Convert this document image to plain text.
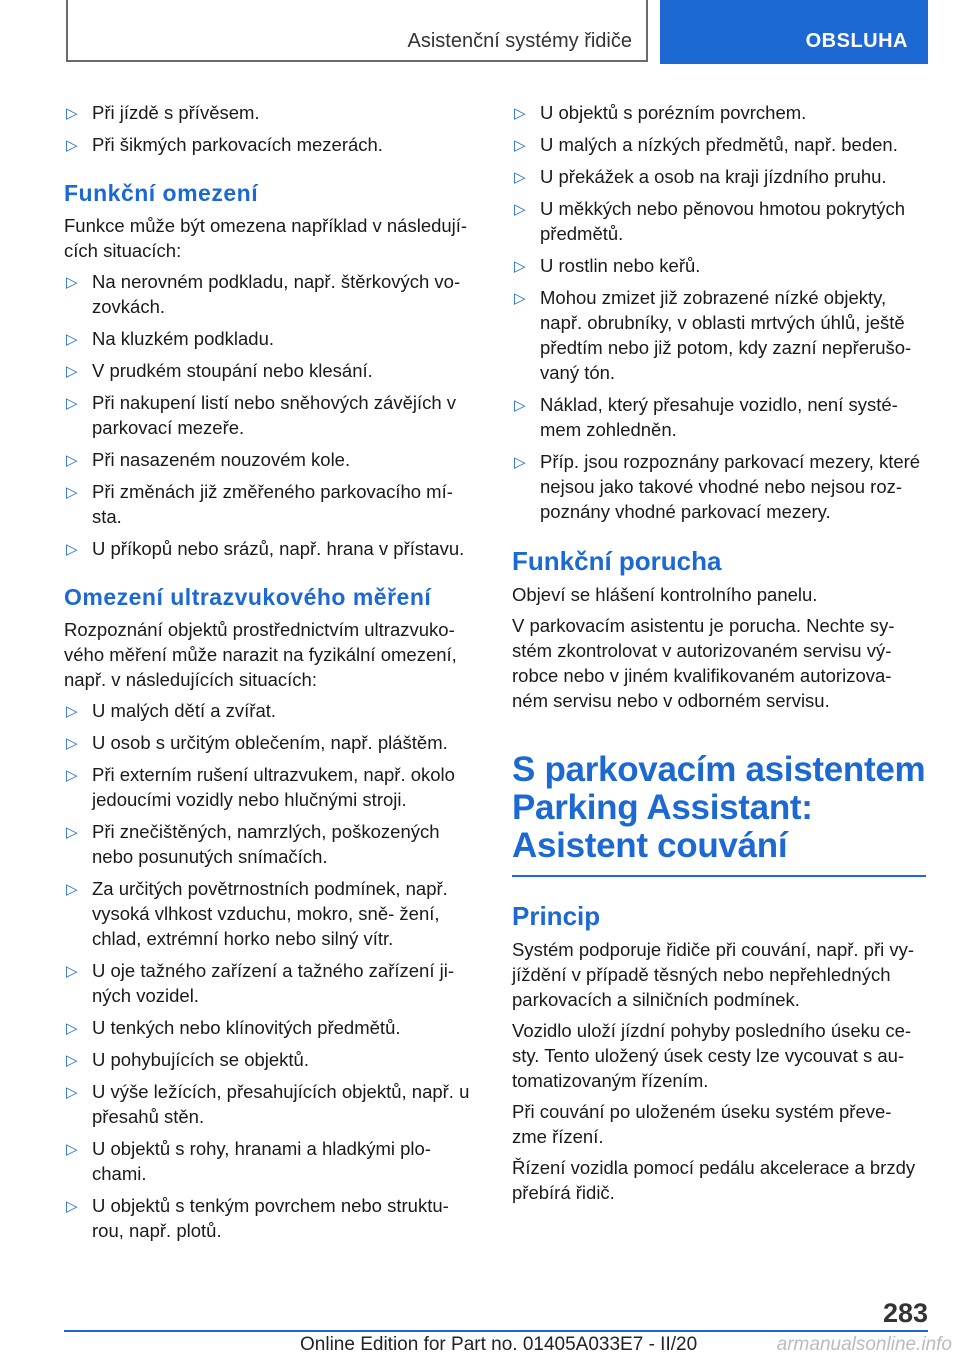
Asistenční systémy řidiče	OBSLUHA
▷ Při jízdě s přívěsem.
▷ Při šikmých parkovacích mezerách.
Funkční omezení

Funkce může být omezena například v následují- cích situacích:

▷ Na nerovném podkladu, např. štěrkových vo- zovkách.
▷ Na kluzkém podkladu.
▷ V prudkém stoupání nebo klesání.
▷ Při nakupení listí nebo sněhových závějích v parkovací mezeře.
▷ Při nasazeném nouzovém kole.
▷ Při změnách již změřeného parkovacího mí- sta.
▷ U příkopů nebo srázů, např. hrana v přístavu.
Omezení ultrazvukového měření

Rozpoznání objektů prostřednictvím ultrazvuko- vého měření může narazit na fyzikální omezení, např. v následujících situacích:

▷ U malých dětí a zvířat.
▷ U osob s určitým oblečením, např. pláštěm.
▷ Při externím rušení ultrazvukem, např. okolo jedoucími vozidly nebo hlučnými stroji.
▷ Při znečištěných, namrzlých, poškozených nebo posunutých snímačích.
▷ Za určitých povětrnostních podmínek, např. vysoká vlhkost vzduchu, mokro, sně- žení, chlad, extrémní horko nebo silný vítr.
▷ U oje tažného zařízení a tažného zařízení ji- ných vozidel.
▷ U tenkých nebo klínovitých předmětů.
▷ U pohybujících se objektů.
▷ U výše ležících, přesahujících objektů, např. u přesahů stěn.
▷ U objektů s rohy, hranami a hladkými plo- chami.
▷ U objektů s tenkým povrchem nebo struktu- rou, např. plotů.
▷ U objektů s porézním povrchem.
▷ U malých a nízkých předmětů, např. beden.
▷ U překážek a osob na kraji jízdního pruhu.
▷ U měkkých nebo pěnovou hmotou pokrytých předmětů.
▷ U rostlin nebo keřů.
▷ Mohou zmizet již zobrazené nízké objekty, např. obrubníky, v oblasti mrtvých úhlů, ještě předtím nebo již potom, kdy zazní nepřerušo- vaný tón.
▷ Náklad, který přesahuje vozidlo, není systé- mem zohledněn.
▷ Příp. jsou rozpoznány parkovací mezery, které nejsou jako takové vhodné nebo nejsou roz- poznány vhodné parkovací mezery.
Funkční porucha

Objeví se hlášení kontrolního panelu.

V parkovacím asistentu je porucha. Nechte sy- stém zkontrolovat v autorizovaném servisu vý- robce nebo v jiném kvalifikovaném autorizova- ném servisu nebo v odborném servisu.

S parkovacím asistentem Parking Assistant: Asistent couvání
Princip

Systém podporuje řidiče při couvání, např. při vy- jíždění v případě těsných nebo nepřehledných parkovacích a silničních podmínek.

Vozidlo uloží jízdní pohyby posledního úseku ce- sty. Tento uložený úsek cesty lze vycouvat s au- tomatizovaným řízením.

Při couvání po uloženém úseku systém převe- zme řízení.

Řízení vozidla pomocí pedálu akcelerace a brzdy přebírá řidič.

283
Online Edition for Part no. 01405A033E7 - II/20	armanualsonline.info
